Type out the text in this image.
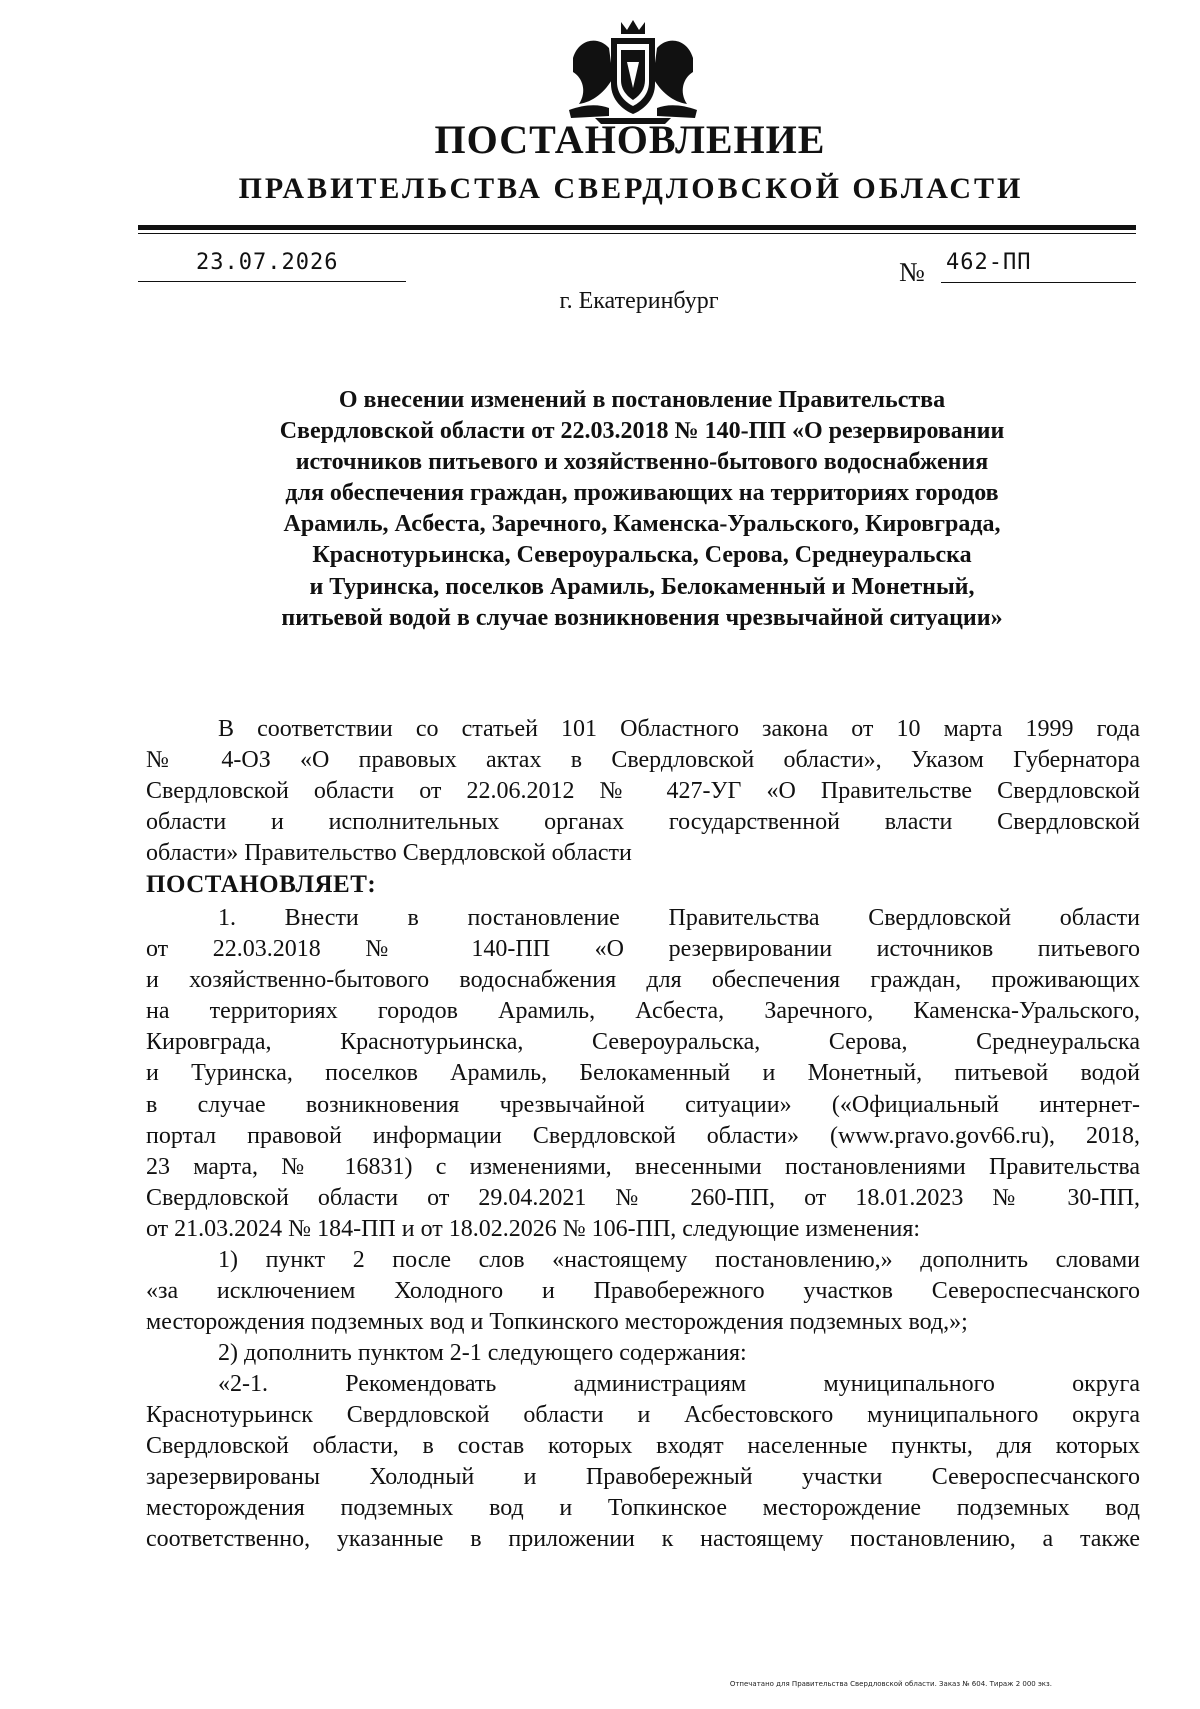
ПОСТАНОВЛЕНИЕ
ПРАВИТЕЛЬСТВА СВЕРДЛОВСКОЙ ОБЛАСТИ
23.07.2026	№ 462-ПП
г. Екатеринбург
О внесении изменений в постановление Правительства
Свердловской области от 22.03.2018 № 140-ПП «О резервировании
источников питьевого и хозяйственно-бытового водоснабжения
для обеспечения граждан, проживающих на территориях городов
Арамиль, Асбеста, Заречного, Каменска-Уральского, Кировграда,
Краснотурьинска, Североуральска, Серова, Среднеуральска
и Туринска, поселков Арамиль, Белокаменный и Монетный,
питьевой водой в случае возникновения чрезвычайной ситуации»
В соответствии со статьей 101 Областного закона от 10 марта 1999 года
№ 4-ОЗ «О правовых актах в Свердловской области», Указом Губернатора
Свердловской области от 22.06.2012 № 427-УГ «О Правительстве Свердловской
области и исполнительных органах государственной власти Свердловской
области» Правительство Свердловской области
ПОСТАНОВЛЯЕТ:
1. Внести в постановление Правительства Свердловской области
от 22.03.2018 № 140-ПП «О резервировании источников питьевого
и хозяйственно-бытового водоснабжения для обеспечения граждан, проживающих
на территориях городов Арамиль, Асбеста, Заречного, Каменска-Уральского,
Кировграда, Краснотурьинска, Североуральска, Серова, Среднеуральска
и Туринска, поселков Арамиль, Белокаменный и Монетный, питьевой водой
в случае возникновения чрезвычайной ситуации» («Официальный интернет-
портал правовой информации Свердловской области» (www.pravo.gov66.ru), 2018,
23 марта, № 16831) с изменениями, внесенными постановлениями Правительства
Свердловской области от 29.04.2021 № 260-ПП, от 18.01.2023 № 30-ПП,
от 21.03.2024 № 184-ПП и от 18.02.2026 № 106-ПП, следующие изменения:
1) пункт 2 после слов «настоящему постановлению,» дополнить словами
«за исключением Холодного и Правобережного участков Североспесчанского
месторождения подземных вод и Топкинского месторождения подземных вод,»;
2) дополнить пунктом 2-1 следующего содержания:
«2-1. Рекомендовать администрациям муниципального округа
Краснотурьинск Свердловской области и Асбестовского муниципального округа
Свердловской области, в состав которых входят населенные пункты, для которых
зарезервированы Холодный и Правобережный участки Североспесчанского
месторождения подземных вод и Топкинское месторождение подземных вод
соответственно, указанные в приложении к настоящему постановлению, а также
Отпечатано для Правительства Свердловской области. Заказ № 604. Тираж 2 000 экз.
